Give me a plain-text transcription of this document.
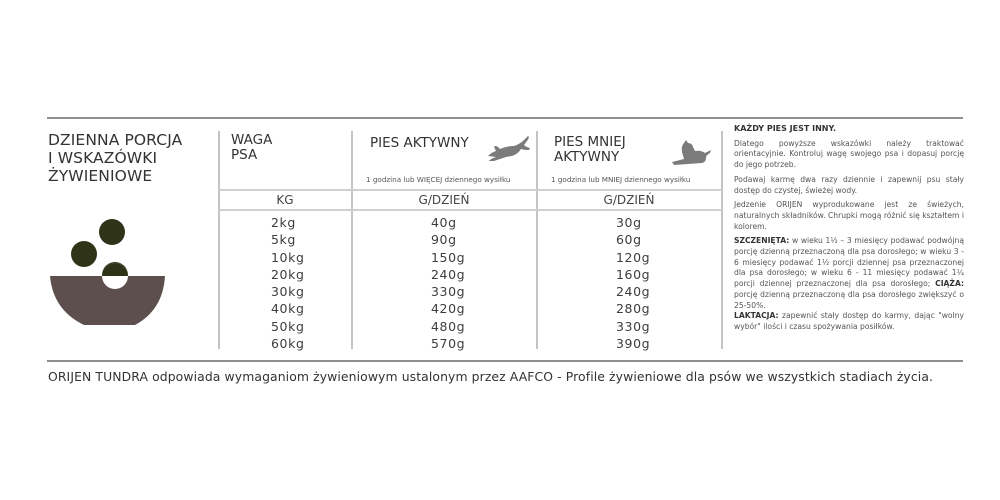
DZIENNA PORCJA
I WSKAZÓWKI
ŻYWIENIOWE
WAGA
PSA
PIES AKTYWNY
1 godzina lub WIĘCEJ dziennego wysiłku
PIES MNIEJ
AKTYWNY
1 godzina lub MNIEJ dziennego wysiłku
KG	G/DZIEŃ	G/DZIEŃ
2kg
5kg
10kg
20kg
30kg
40kg
50kg
60kg
40g
90g
150g
240g
330g
420g
480g
570g
30g
60g
120g
160g
240g
280g
330g
390g
KAŻDY PIES JEST INNY.

Dlatego powyższe wskazówki należy traktować orientacyjnie. Kontroluj wagę swojego psa i dopasuj porcję do jego potrzeb.

Podawaj karmę dwa razy dziennie i zapewnij psu stały dostęp do czystej, świeżej wody.

Jedzenie ORIJEN wyprodukowane jest ze świeżych, naturalnych składników. Chrupki mogą różnić się kształtem i kolorem.

SZCZENIĘTA: w wieku 1½ – 3 miesięcy podawać podwójną porcję dzienną przeznaczoną dla psa dorosłego; w wieku 3 - 6 miesięcy podawać 1½ porcji dziennej psa przeznaczonej dla psa dorosłego; w wieku 6 - 11 miesięcy podawać 1¼ porcji dziennej przeznaczonej dla psa dorosłego; CIĄŻA: porcję dzienną przeznaczoną dla psa dorosłego zwiększyć o 25-50%.
LAKTACJA: zapewnić stały dostęp do karmy, dając "wolny wybór" ilości i czasu spożywania posiłków.

ORIJEN TUNDRA odpowiada wymaganiom żywieniowym ustalonym przez AAFCO - Profile żywieniowe dla psów we wszystkich stadiach życia.
